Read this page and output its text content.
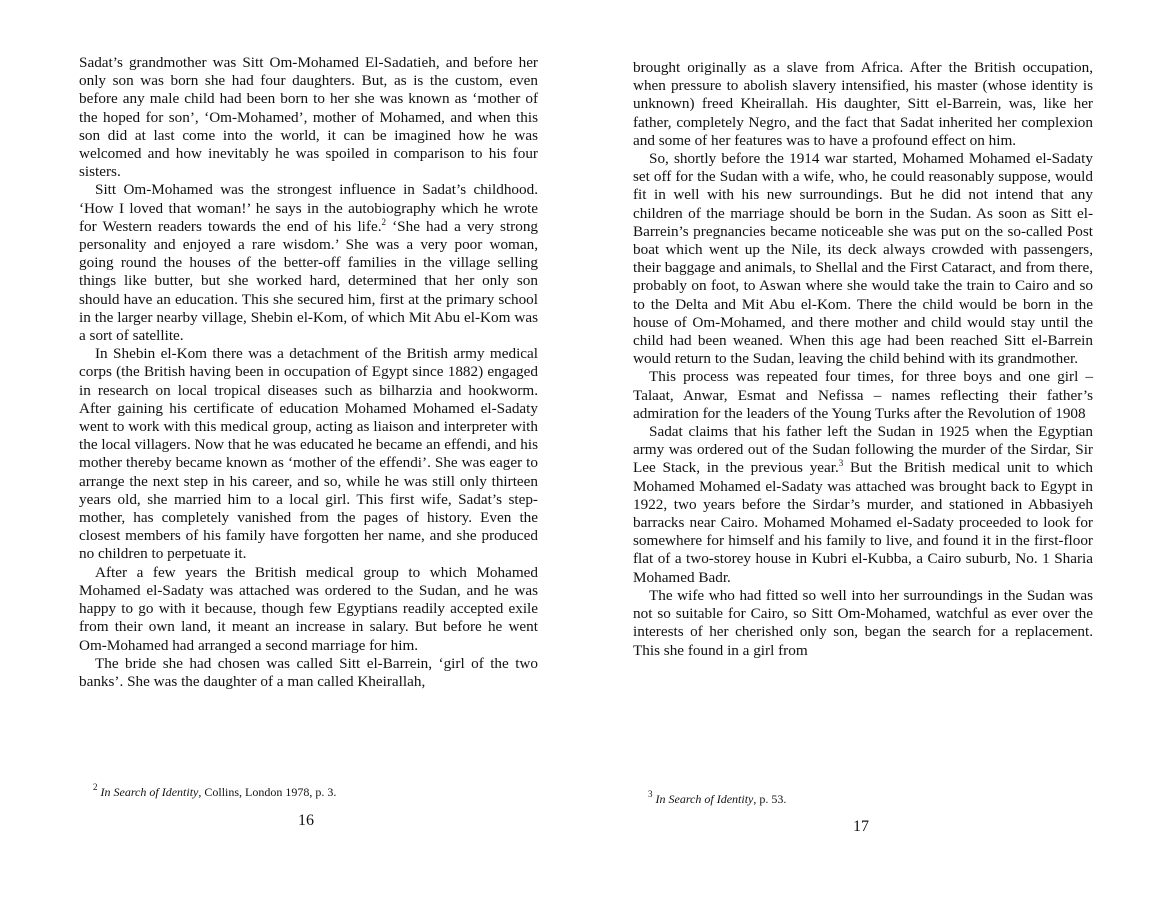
Sadat’s grandmother was Sitt Om-Mohamed El-Sadatieh, and before her only son was born she had four daughters. But, as is the custom, even before any male child had been born to her she was known as ‘mother of the hoped for son’, ‘Om-Mohamed’, mother of Mohamed, and when this son did at last come into the world, it can be imagined how he was welcomed and how inevitably he was spoiled in comparison to his four sisters.

Sitt Om-Mohamed was the strongest influence in Sadat’s childhood. ‘How I loved that woman!’ he says in the autobiography which he wrote for Western readers towards the end of his life.$^2$ ‘She had a very strong personality and enjoyed a rare wisdom.’ She was a very poor woman, going round the houses of the better-off families in the village selling things like butter, but she worked hard, determined that her only son should have an education. This she secured him, first at the primary school in the larger nearby village, Shebin el-Kom, of which Mit Abu el-Kom was a sort of satellite.

In Shebin el-Kom there was a detachment of the British army medical corps (the British having been in occupation of Egypt since 1882) engaged in research on local tropical diseases such as bilharzia and hookworm. After gaining his certificate of education Mohamed Mohamed el-Sadaty went to work with this medical group, acting as liaison and interpreter with the local villagers. Now that he was educated he became an effendi, and his mother thereby became known as ‘mother of the effendi’. She was eager to arrange the next step in his career, and so, while he was still only thirteen years old, she married him to a local girl. This first wife, Sadat’s step-mother, has completely vanished from the pages of history. Even the closest members of his family have forgotten her name, and she produced no children to perpetuate it.

After a few years the British medical group to which Mohamed Mohamed el-Sadaty was attached was ordered to the Sudan, and he was happy to go with it because, though few Egyptians readily accepted exile from their own land, it meant an increase in salary. But before he went Om-Mohamed had arranged a second marriage for him.

The bride she had chosen was called Sitt el-Barrein, ‘girl of the two banks’. She was the daughter of a man called Kheirallah,

$^2$ In Search of Identity, Collins, London 1978, p. 3.
16

brought originally as a slave from Africa. After the British occupation, when pressure to abolish slavery intensified, his master (whose identity is unknown) freed Kheirallah. His daughter, Sitt el-Barrein, was, like her father, completely Negro, and the fact that Sadat inherited her complexion and some of her features was to have a profound effect on him.

So, shortly before the 1914 war started, Mohamed Mohamed el-Sadaty set off for the Sudan with a wife, who, he could reasonably suppose, would fit in well with his new surroundings. But he did not intend that any children of the marriage should be born in the Sudan. As soon as Sitt el-Barrein’s pregnancies became noticeable she was put on the so-called Post boat which went up the Nile, its deck always crowded with passengers, their baggage and animals, to Shellal and the First Cataract, and from there, probably on foot, to Aswan where she would take the train to Cairo and so to the Delta and Mit Abu el-Kom. There the child would be born in the house of Om-Mohamed, and there mother and child would stay until the child had been weaned. When this age had been reached Sitt el-Barrein would return to the Sudan, leaving the child behind with its grandmother.

This process was repeated four times, for three boys and one girl – Talaat, Anwar, Esmat and Nefissa – names reflecting their father’s admiration for the leaders of the Young Turks after the Revolution of 1908

Sadat claims that his father left the Sudan in 1925 when the Egyptian army was ordered out of the Sudan following the murder of the Sirdar, Sir Lee Stack, in the previous year.$^3$ But the British medical unit to which Mohamed Mohamed el-Sadaty was attached was brought back to Egypt in 1922, two years before the Sirdar’s murder, and stationed in Abbasiyeh barracks near Cairo. Mohamed Mohamed el-Sadaty proceeded to look for somewhere for himself and his family to live, and found it in the first-floor flat of a two-storey house in Kubri el-Kubba, a Cairo suburb, No. 1 Sharia Mohamed Badr.

The wife who had fitted so well into her surroundings in the Sudan was not so suitable for Cairo, so Sitt Om-Mohamed, watchful as ever over the interests of her cherished only son, began the search for a replacement. This she found in a girl from

$^3$ In Search of Identity, p. 53.
17
